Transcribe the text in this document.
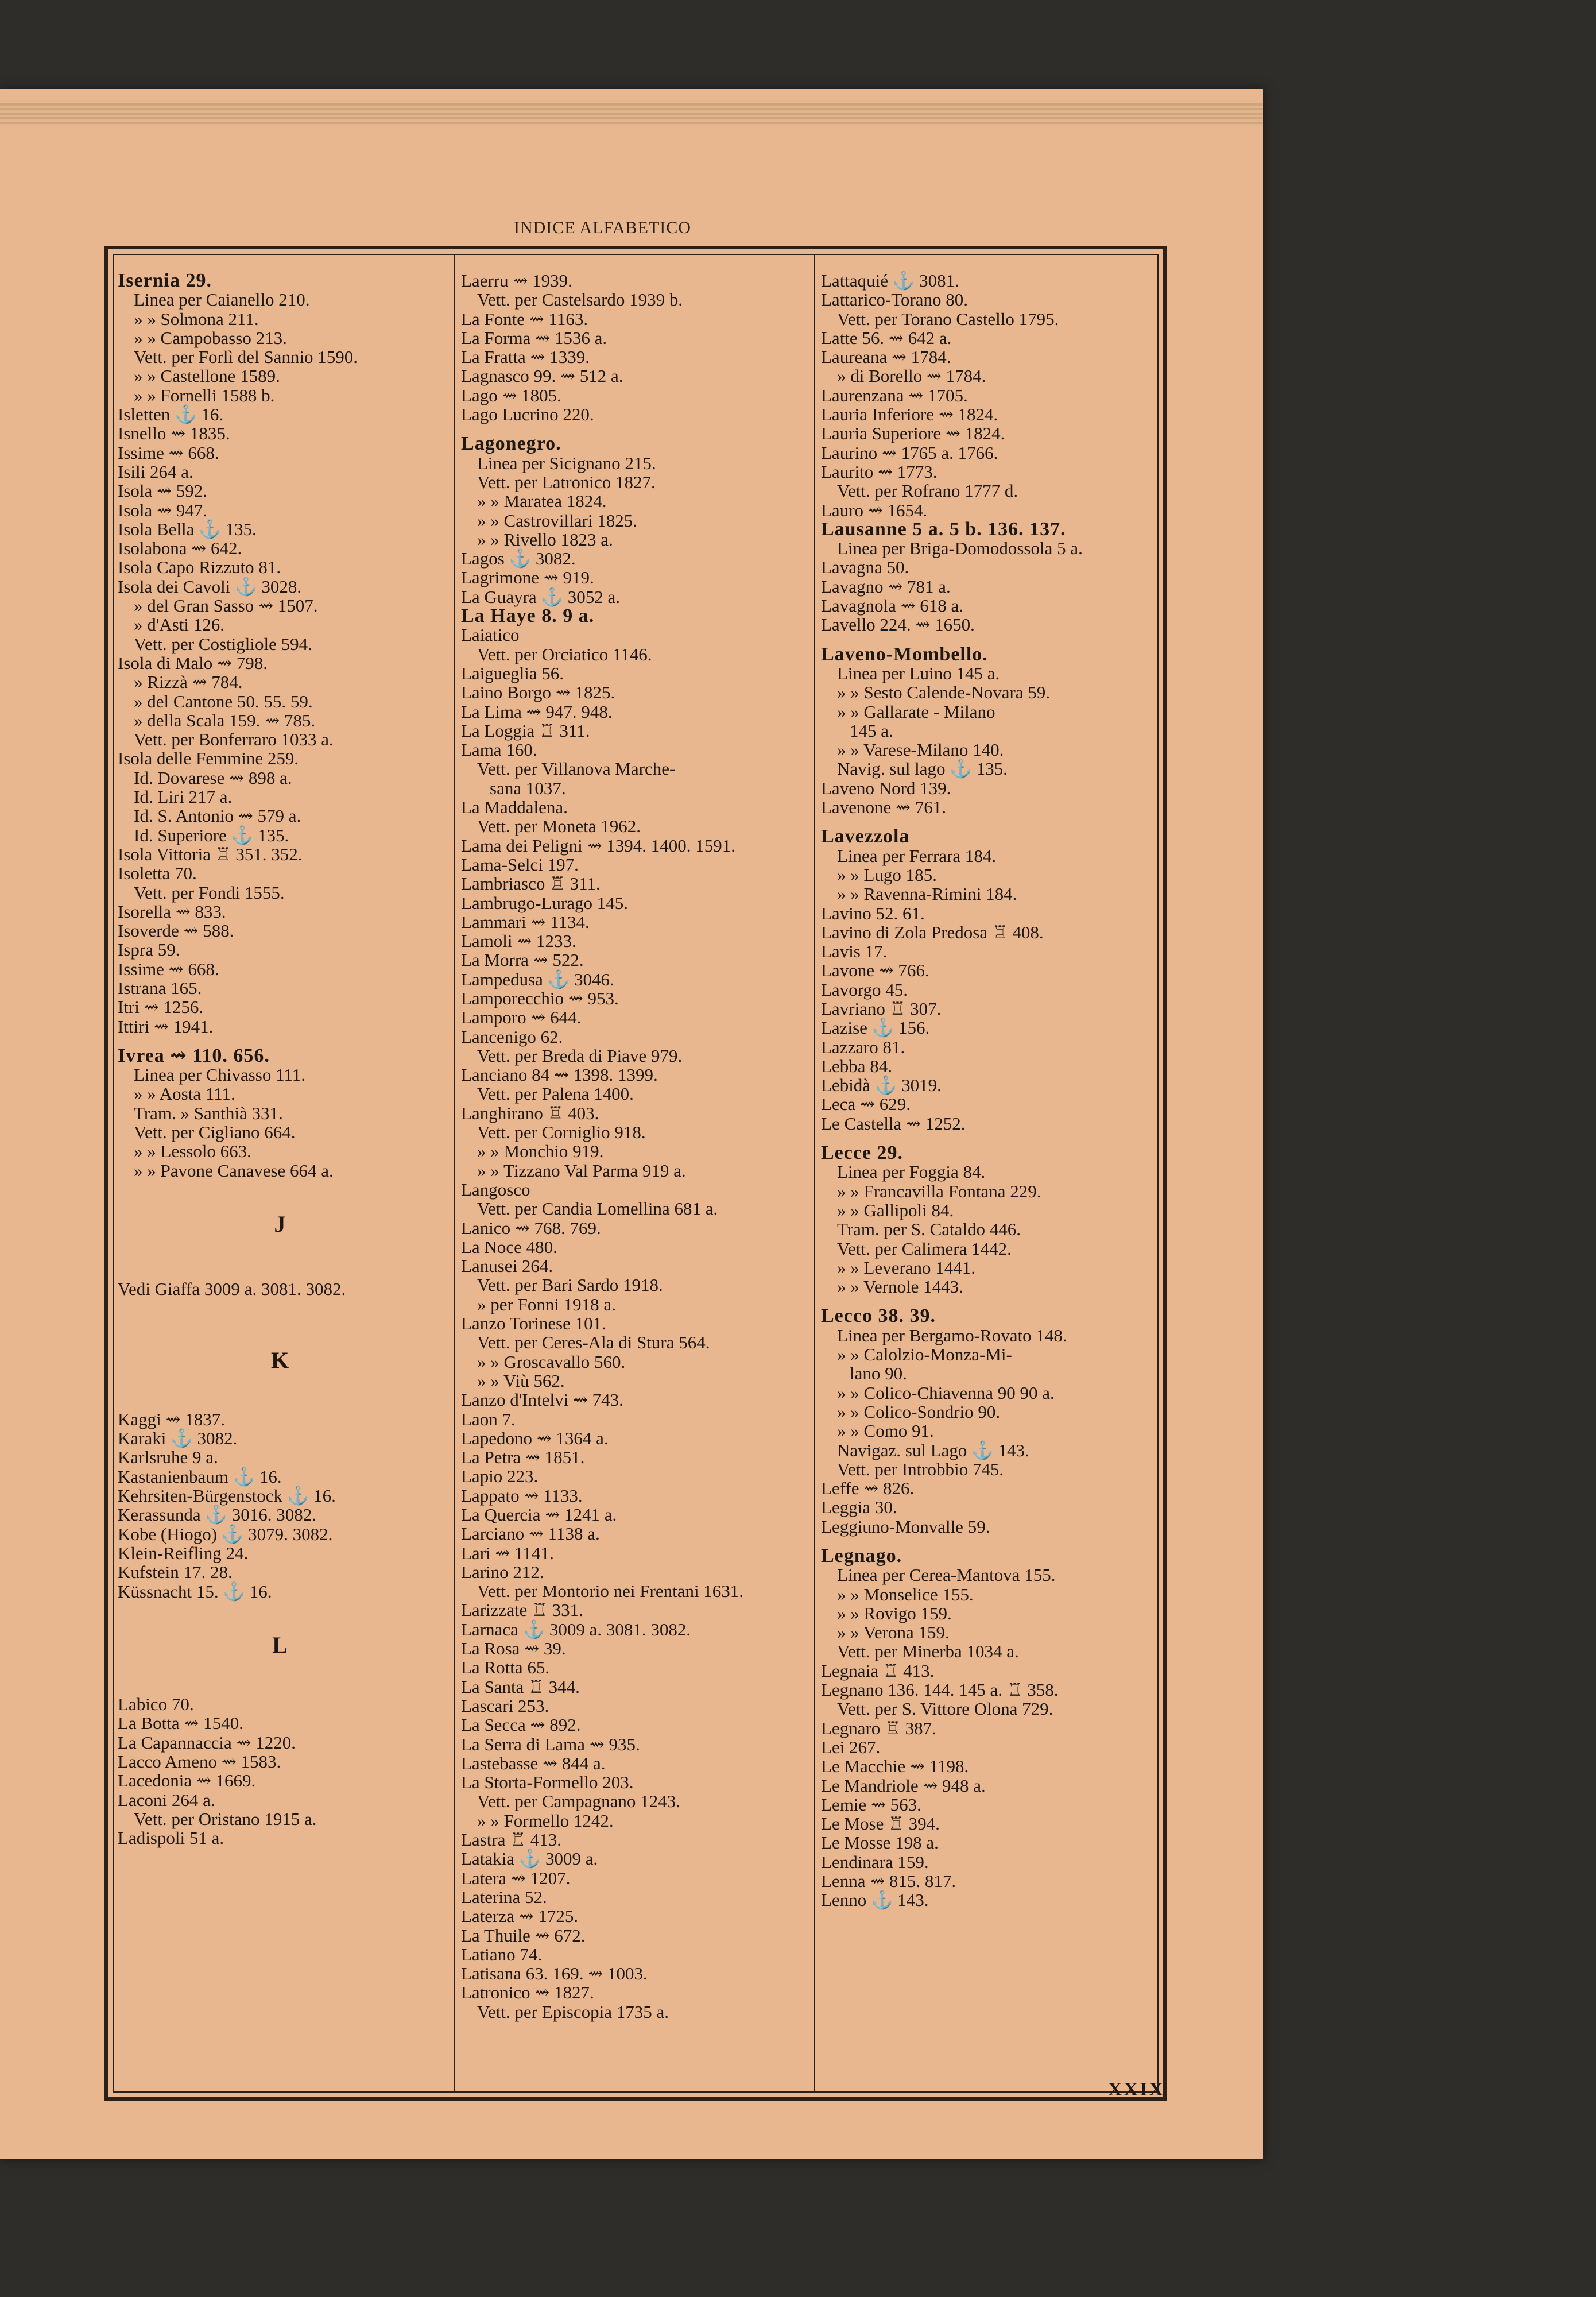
INDICE ALFABETICO
Isernia 29.
Linea per Caianello 210.
» » Solmona 211.
» » Campobasso 213.
Vett. per Forlì del Sannio 1590.
» » Castellone 1589.
» » Fornelli 1588 b.
Isletten ⚓ 16.
Isnello ⇝ 1835.
Issime ⇝ 668.
Isili 264 a.
Isola ⇝ 592.
Isola ⇝ 947.
Isola Bella ⚓ 135.
Isolabona ⇝ 642.
Isola Capo Rizzuto 81.
Isola dei Cavoli ⚓ 3028.
» del Gran Sasso ⇝ 1507.
» d'Asti 126.
Vett. per Costigliole 594.
Isola di Malo ⇝ 798.
» Rizzà ⇝ 784.
» del Cantone 50. 55. 59.
» della Scala 159. ⇝ 785.
Vett. per Bonferraro 1033 a.
Isola delle Femmine 259.
Id. Dovarese ⇝ 898 a.
Id. Liri 217 a.
Id. S. Antonio ⇝ 579 a.
Id. Superiore ⚓ 135.
Isola Vittoria ♖ 351. 352.
Isoletta 70.
Vett. per Fondi 1555.
Isorella ⇝ 833.
Isoverde ⇝ 588.
Ispra 59.
Issime ⇝ 668.
Istrana 165.
Itri ⇝ 1256.
Ittiri ⇝ 1941.
Ivrea ⇝ 110. 656.
Linea per Chivasso 111.
» » Aosta 111.
Tram. » Santhià 331.
Vett. per Cigliano 664.
» » Lessolo 663.
» » Pavone Canavese 664 a.
J
Vedi Giaffa 3009 a. 3081. 3082.
K
Kaggi ⇝ 1837.
Karaki ⚓ 3082.
Karlsruhe 9 a.
Kastanienbaum ⚓ 16.
Kehrsiten-Bürgenstock ⚓ 16.
Kerassunda ⚓ 3016. 3082.
Kobe (Hiogo) ⚓ 3079. 3082.
Klein-Reifling 24.
Kufstein 17. 28.
Küssnacht 15. ⚓ 16.
L
Labico 70.
La Botta ⇝ 1540.
La Capannaccia ⇝ 1220.
Lacco Ameno ⇝ 1583.
Lacedonia ⇝ 1669.
Laconi 264 a.
Vett. per Oristano 1915 a.
Ladispoli 51 a.
Laerru ⇝ 1939.
Vett. per Castelsardo 1939 b.
La Fonte ⇝ 1163.
La Forma ⇝ 1536 a.
La Fratta ⇝ 1339.
Lagnasco 99. ⇝ 512 a.
Lago ⇝ 1805.
Lago Lucrino 220.
Lagonegro.
Linea per Sicignano 215.
Vett. per Latronico 1827.
» » Maratea 1824.
» » Castrovillari 1825.
» » Rivello 1823 a.
Lagos ⚓ 3082.
Lagrimone ⇝ 919.
La Guayra ⚓ 3052 a.
La Haye 8. 9 a.
Laiatico
Vett. per Orciatico 1146.
Laigueglia 56.
Laino Borgo ⇝ 1825.
La Lima ⇝ 947. 948.
La Loggia ♖ 311.
Lama 160.
Vett. per Villanova Marche-
sana 1037.
La Maddalena.
Vett. per Moneta 1962.
Lama dei Peligni ⇝ 1394. 1400. 1591.
Lama-Selci 197.
Lambriasco ♖ 311.
Lambrugo-Lurago 145.
Lammari ⇝ 1134.
Lamoli ⇝ 1233.
La Morra ⇝ 522.
Lampedusa ⚓ 3046.
Lamporecchio ⇝ 953.
Lamporo ⇝ 644.
Lancenigo 62.
Vett. per Breda di Piave 979.
Lanciano 84 ⇝ 1398. 1399.
Vett. per Palena 1400.
Langhirano ♖ 403.
Vett. per Corniglio 918.
» » Monchio 919.
» » Tizzano Val Parma 919 a.
Langosco
Vett. per Candia Lomellina 681 a.
Lanico ⇝ 768. 769.
La Noce 480.
Lanusei 264.
Vett. per Bari Sardo 1918.
» per Fonni 1918 a.
Lanzo Torinese 101.
Vett. per Ceres-Ala di Stura 564.
» » Groscavallo 560.
» » Viù 562.
Lanzo d'Intelvi ⇝ 743.
Laon 7.
Lapedono ⇝ 1364 a.
La Petra ⇝ 1851.
Lapio 223.
Lappato ⇝ 1133.
La Quercia ⇝ 1241 a.
Larciano ⇝ 1138 a.
Lari ⇝ 1141.
Larino 212.
Vett. per Montorio nei Frentani 1631.
Larizzate ♖ 331.
Larnaca ⚓ 3009 a. 3081. 3082.
La Rosa ⇝ 39.
La Rotta 65.
La Santa ♖ 344.
Lascari 253.
La Secca ⇝ 892.
La Serra di Lama ⇝ 935.
Lastebasse ⇝ 844 a.
La Storta-Formello 203.
Vett. per Campagnano 1243.
» » Formello 1242.
Lastra ♖ 413.
Latakia ⚓ 3009 a.
Latera ⇝ 1207.
Laterina 52.
Laterza ⇝ 1725.
La Thuile ⇝ 672.
Latiano 74.
Latisana 63. 169. ⇝ 1003.
Latronico ⇝ 1827.
Vett. per Episcopia 1735 a.
Lattaquié ⚓ 3081.
Lattarico-Torano 80.
Vett. per Torano Castello 1795.
Latte 56. ⇝ 642 a.
Laureana ⇝ 1784.
» di Borello ⇝ 1784.
Laurenzana ⇝ 1705.
Lauria Inferiore ⇝ 1824.
Lauria Superiore ⇝ 1824.
Laurino ⇝ 1765 a. 1766.
Laurito ⇝ 1773.
Vett. per Rofrano 1777 d.
Lauro ⇝ 1654.
Lausanne 5 a. 5 b. 136. 137.
Linea per Briga-Domodossola 5 a.
Lavagna 50.
Lavagno ⇝ 781 a.
Lavagnola ⇝ 618 a.
Lavello 224. ⇝ 1650.
Laveno-Mombello.
Linea per Luino 145 a.
» » Sesto Calende-Novara 59.
» » Gallarate - Milano
145 a.
» » Varese-Milano 140.
Navig. sul lago ⚓ 135.
Laveno Nord 139.
Lavenone ⇝ 761.
Lavezzola
Linea per Ferrara 184.
» » Lugo 185.
» » Ravenna-Rimini 184.
Lavino 52. 61.
Lavino di Zola Predosa ♖ 408.
Lavis 17.
Lavone ⇝ 766.
Lavorgo 45.
Lavriano ♖ 307.
Lazise ⚓ 156.
Lazzaro 81.
Lebba 84.
Lebidà ⚓ 3019.
Leca ⇝ 629.
Le Castella ⇝ 1252.
Lecce 29.
Linea per Foggia 84.
» » Francavilla Fontana 229.
» » Gallipoli 84.
Tram. per S. Cataldo 446.
Vett. per Calimera 1442.
» » Leverano 1441.
» » Vernole 1443.
Lecco 38. 39.
Linea per Bergamo-Rovato 148.
» » Calolzio-Monza-Mi-
lano 90.
» » Colico-Chiavenna 90 90 a.
» » Colico-Sondrio 90.
» » Como 91.
Navigaz. sul Lago ⚓ 143.
Vett. per Introbbio 745.
Leffe ⇝ 826.
Leggia 30.
Leggiuno-Monvalle 59.
Legnago.
Linea per Cerea-Mantova 155.
» » Monselice 155.
» » Rovigo 159.
» » Verona 159.
Vett. per Minerba 1034 a.
Legnaia ♖ 413.
Legnano 136. 144. 145 a. ♖ 358.
Vett. per S. Vittore Olona 729.
Legnaro ♖ 387.
Lei 267.
Le Macchie ⇝ 1198.
Le Mandriole ⇝ 948 a.
Lemie ⇝ 563.
Le Mose ♖ 394.
Le Mosse 198 a.
Lendinara 159.
Lenna ⇝ 815. 817.
Lenno ⚓ 143.
XXIX
